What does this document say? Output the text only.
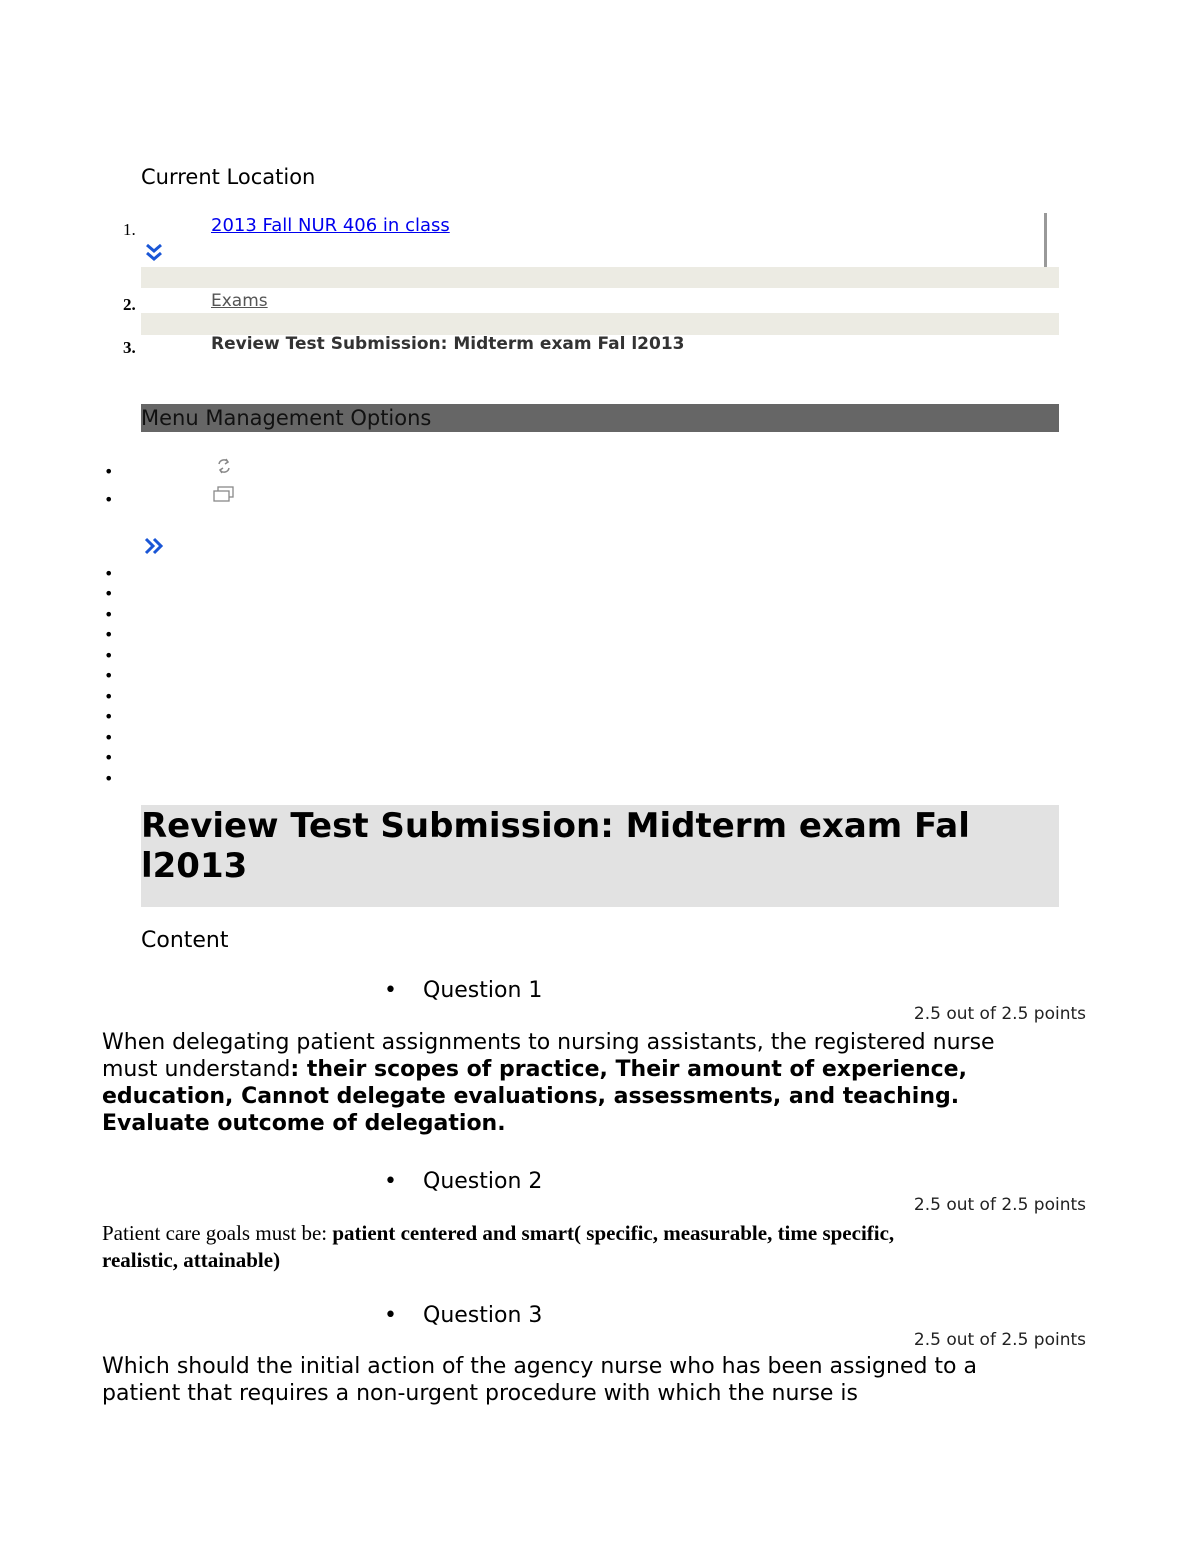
Current Location
1.	2013 Fall NUR 406 in class
2.	Exams
3.	Review Test Submission: Midterm exam Fal l2013
Menu Management Options
•
•
•
•
•
•
•
•
•
•
•
•
•
Review Test Submission: Midterm exam Fal l2013
Content
• Question 1
2.5 out of 2.5 points
When delegating patient assignments to nursing assistants, the registered nurse must understand: their scopes of practice, Their amount of experience, education, Cannot delegate evaluations, assessments, and teaching. Evaluate outcome of delegation.
• Question 2
2.5 out of 2.5 points
Patient care goals must be: patient centered and smart( specific, measurable, time specific, realistic, attainable)
• Question 3
2.5 out of 2.5 points
Which should the initial action of the agency nurse who has been assigned to a patient that requires a non-urgent procedure with which the nurse is
